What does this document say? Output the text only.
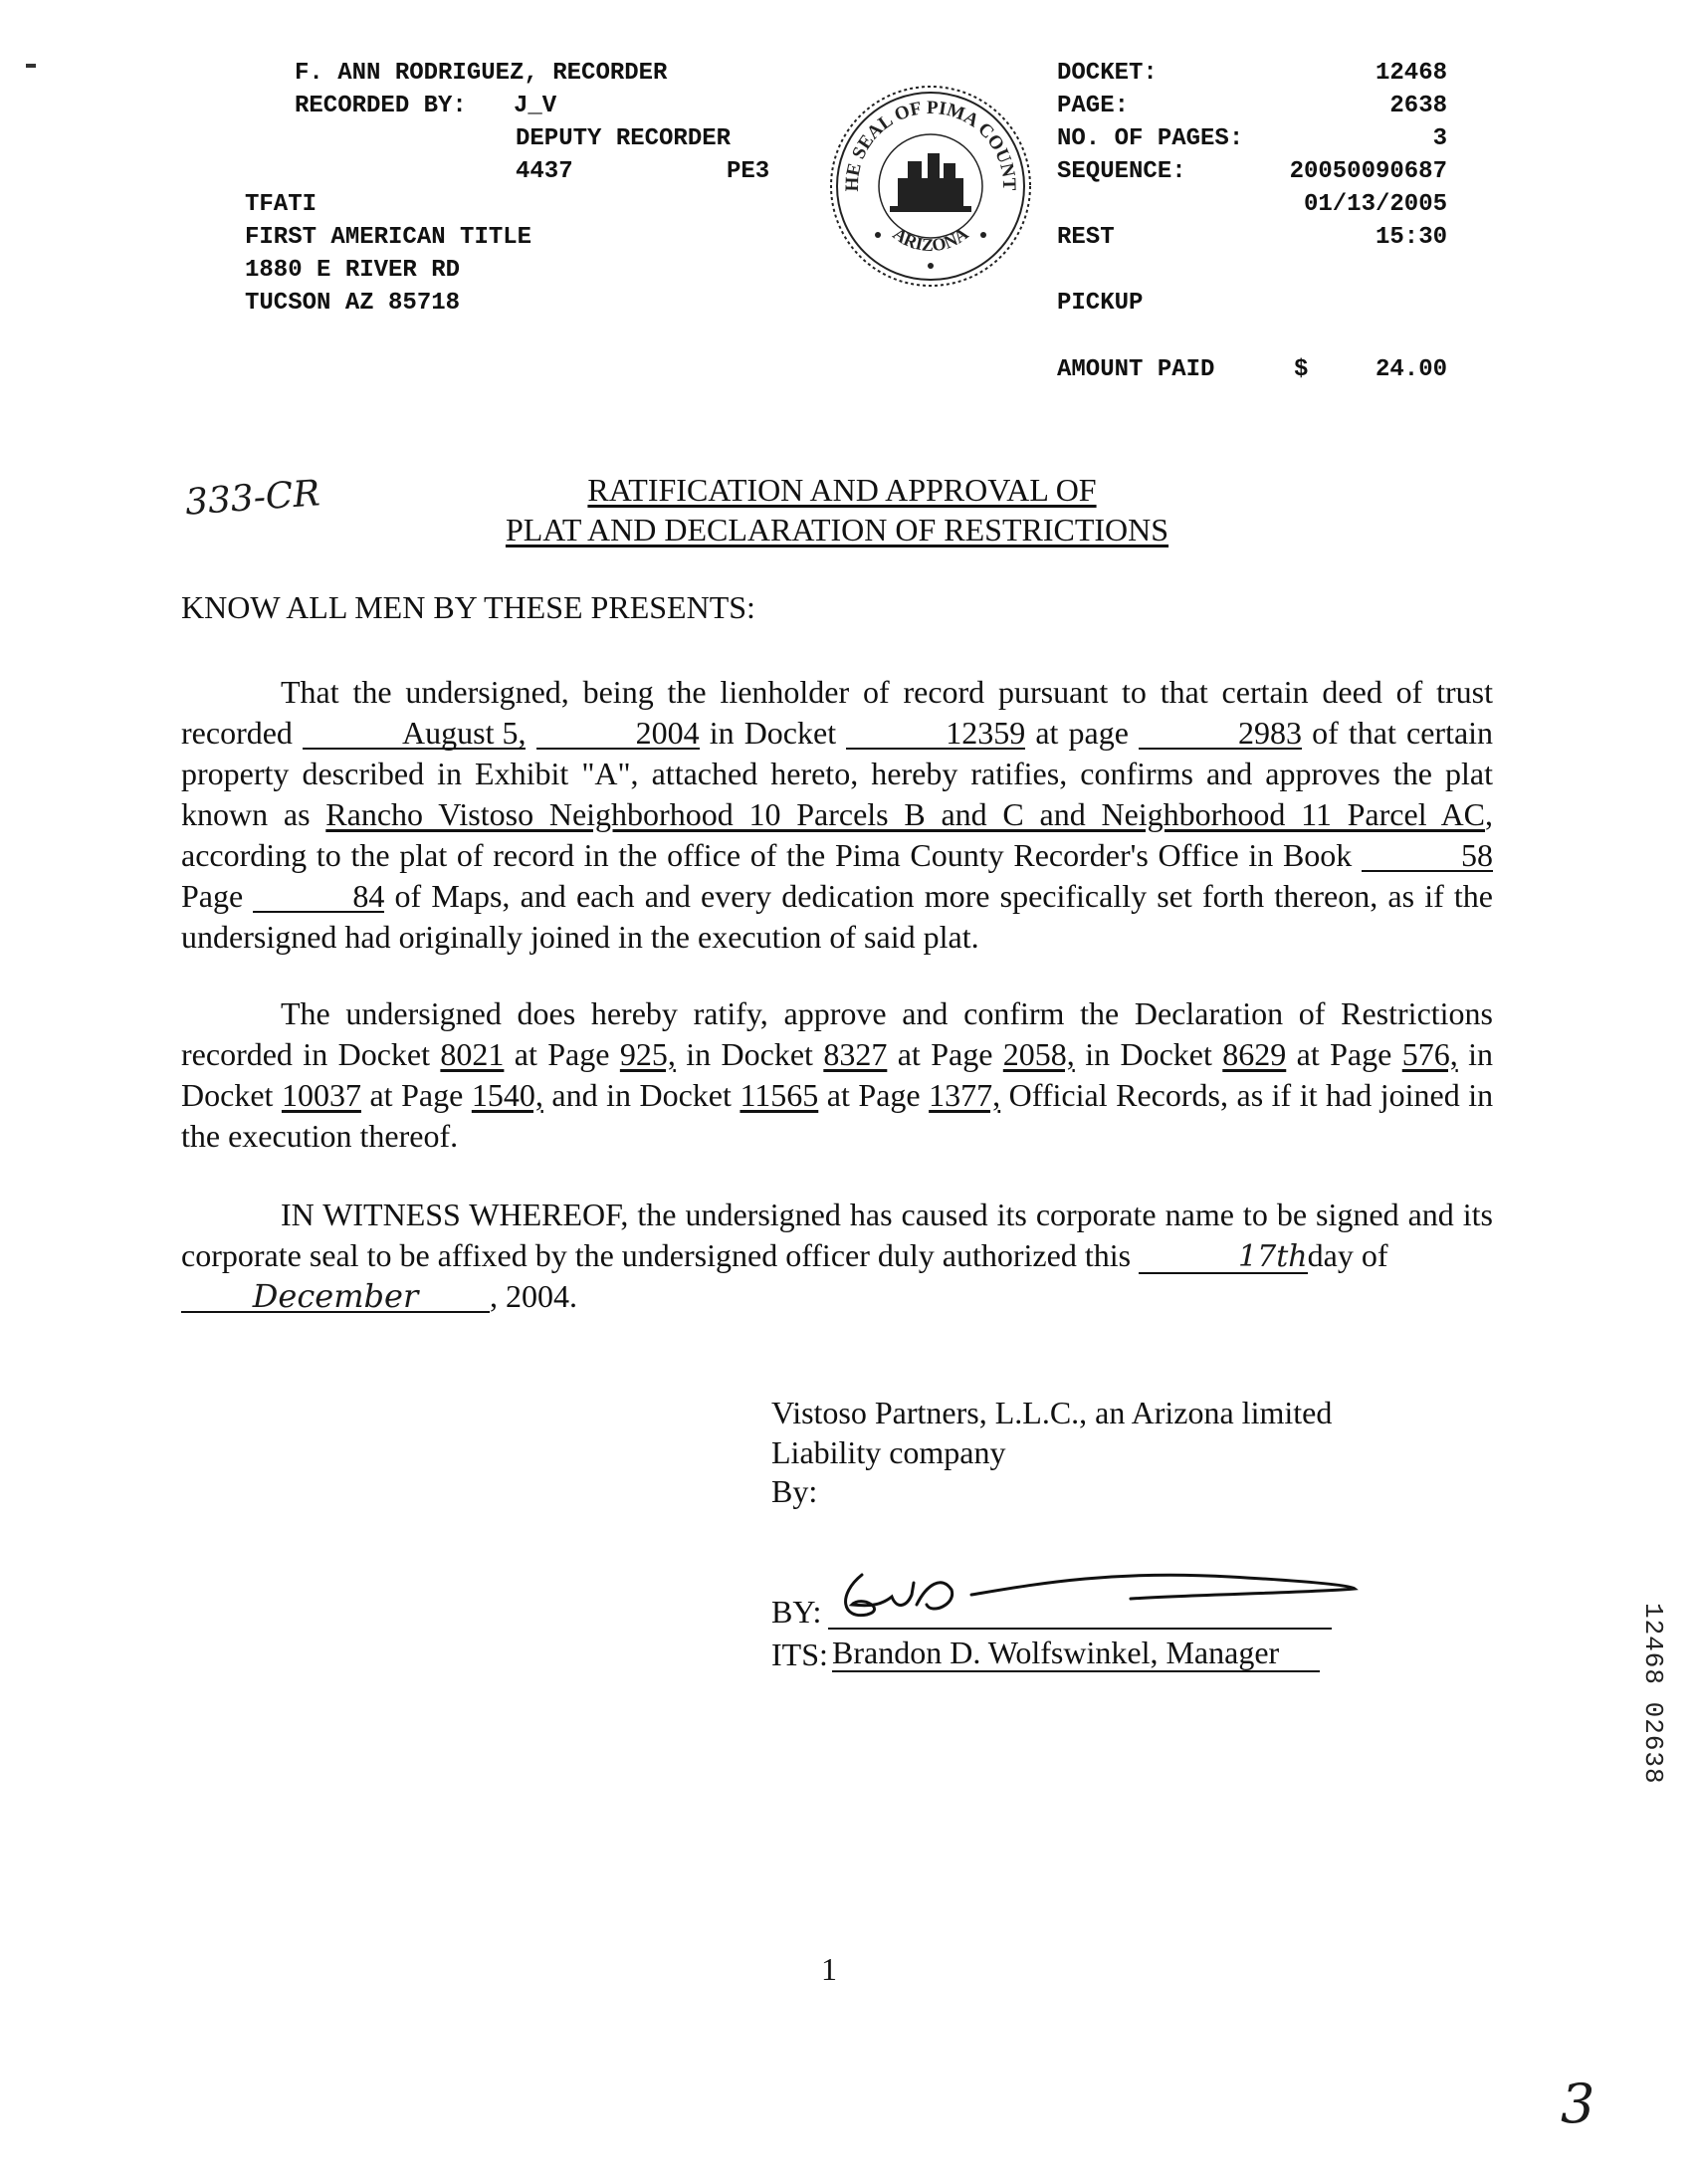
F. ANN RODRIGUEZ, RECORDER
RECORDED BY: J_V
DEPUTY RECORDER
4437	PE3
TFATI
FIRST AMERICAN TITLE
1880 E RIVER RD
TUCSON AZ 85718
HE SEAL OF PIMA COUNT
ARIZONA
DOCKET:	12468
PAGE:	2638
NO. OF PAGES:	3
SEQUENCE:	20050090687
01/13/2005
REST	15:30
PICKUP
AMOUNT PAID	$	24.00
333-CR	RATIFICATION AND APPROVAL OF
PLAT AND DECLARATION OF RESTRICTIONS
KNOW ALL MEN BY THESE PRESENTS:

That the undersigned, being the lienholder of record pursuant to that certain deed of trust recorded	August 5,	2004 in Docket	12359 at page	2983 of that certain property described in Exhibit "A", attached hereto, hereby ratifies, confirms and approves the plat known as Rancho Vistoso Neighborhood 10 Parcels B and C and Neighborhood 11 Parcel AC, according to the plat of record in the office of the Pima County Recorder's Office in Book	58 Page	84 of Maps, and each and every dedication more specifically set forth thereon, as if the undersigned had originally joined in the execution of said plat.

The undersigned does hereby ratify, approve and confirm the Declaration of Restrictions recorded in Docket 8021 at Page 925, in Docket 8327 at Page 2058, in Docket 8629 at Page 576, in Docket 10037 at Page 1540, and in Docket 11565 at Page 1377, Official Records, as if it had joined in the execution thereof.

IN WITNESS WHEREOF, the undersigned has caused its corporate name to be signed and its corporate seal to be affixed by the undersigned officer duly authorized this	17thday of

December , 2004.

Vistoso Partners, L.L.C., an Arizona limited
Liability company
By:
BY:
ITS: Brandon D. Wolfswinkel, Manager	12468 02638
1
3
